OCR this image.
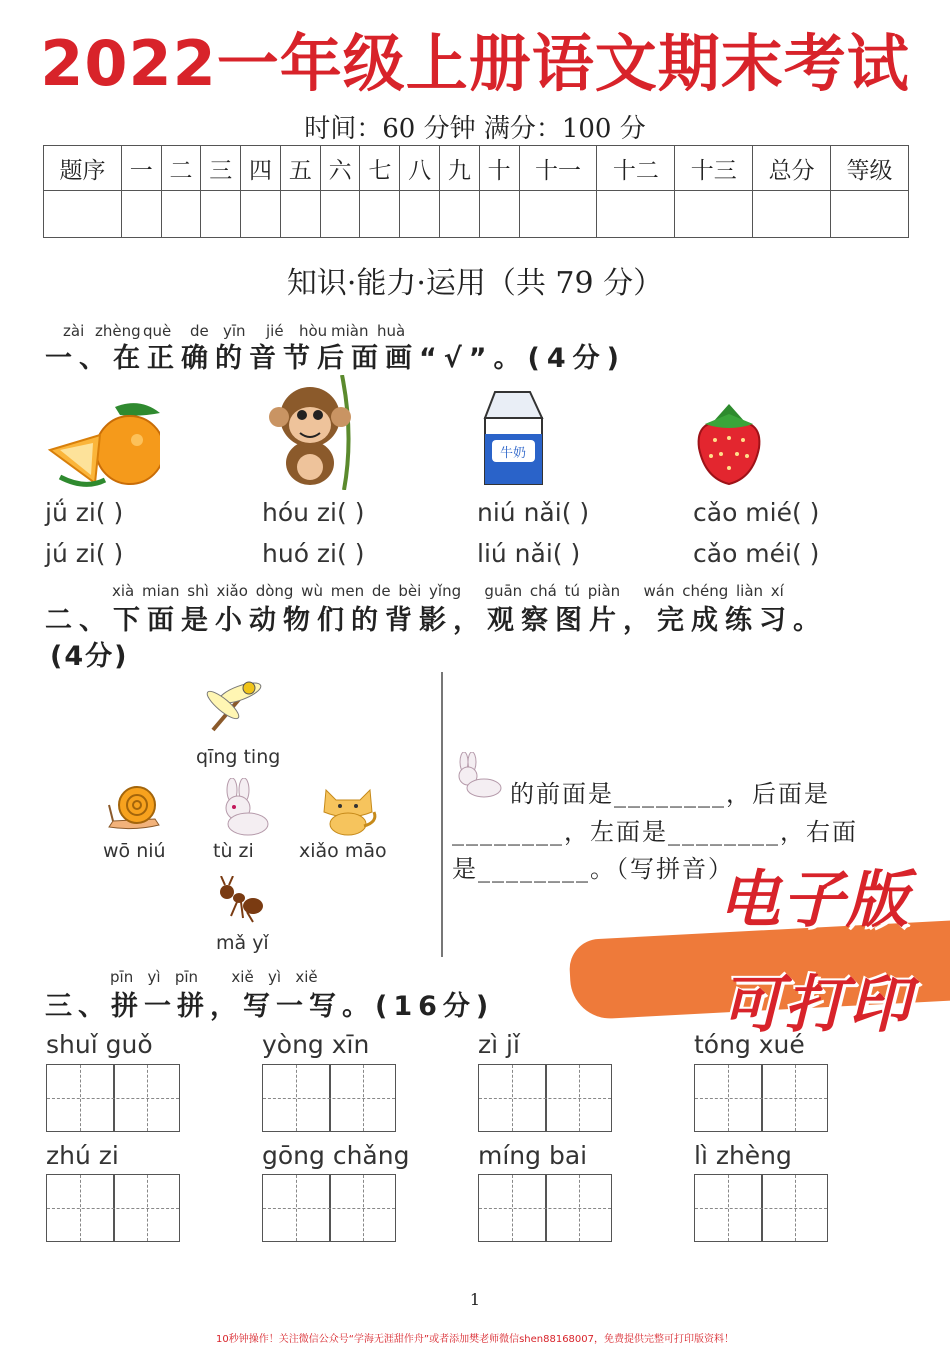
2022一年级上册语文期末考试
时间：60 分钟 满分：100 分
题序	一	二	三	四	五	六	七	八	九	十	十一	十二	十三	总分	等级

知识·能力·运用（共 79 分）
zài zhèng què de yīn jié hòu miàn huà
一、在正确的音节后面画“√”。(4分)
牛奶
jǘ zi( )
jú zi( )
hóu zi( )
huó zi( )
niú nǎi( )
liú nǎi( )
cǎo mié( )
cǎo méi( )
xià mian shì xiǎo dòng wù men de bèi yǐng   guān chá tú piàn   wán chéng liàn xí
二、下面是小动物们的背影，观察图片，完成练习。
(4分)
qīng ting
wō niú tù zi xiǎo māo
mǎ yǐ
的前面是________，后面是
________，左面是________，右面
是________。（写拼音）
电子版
可打印
pīn   yì   pīn       xiě   yì   xiě
三、拼一拼，写一写。(16分)
shuǐ guǒ	yòng xīn	zì jǐ	tóng xué
zhú zi	gōng chǎng	míng bai	lì zhèng
1
10秒钟操作！关注微信公众号“学海无涯甜作舟”或者添加樊老师微信shen88168007，免费提供完整可打印版资料！
